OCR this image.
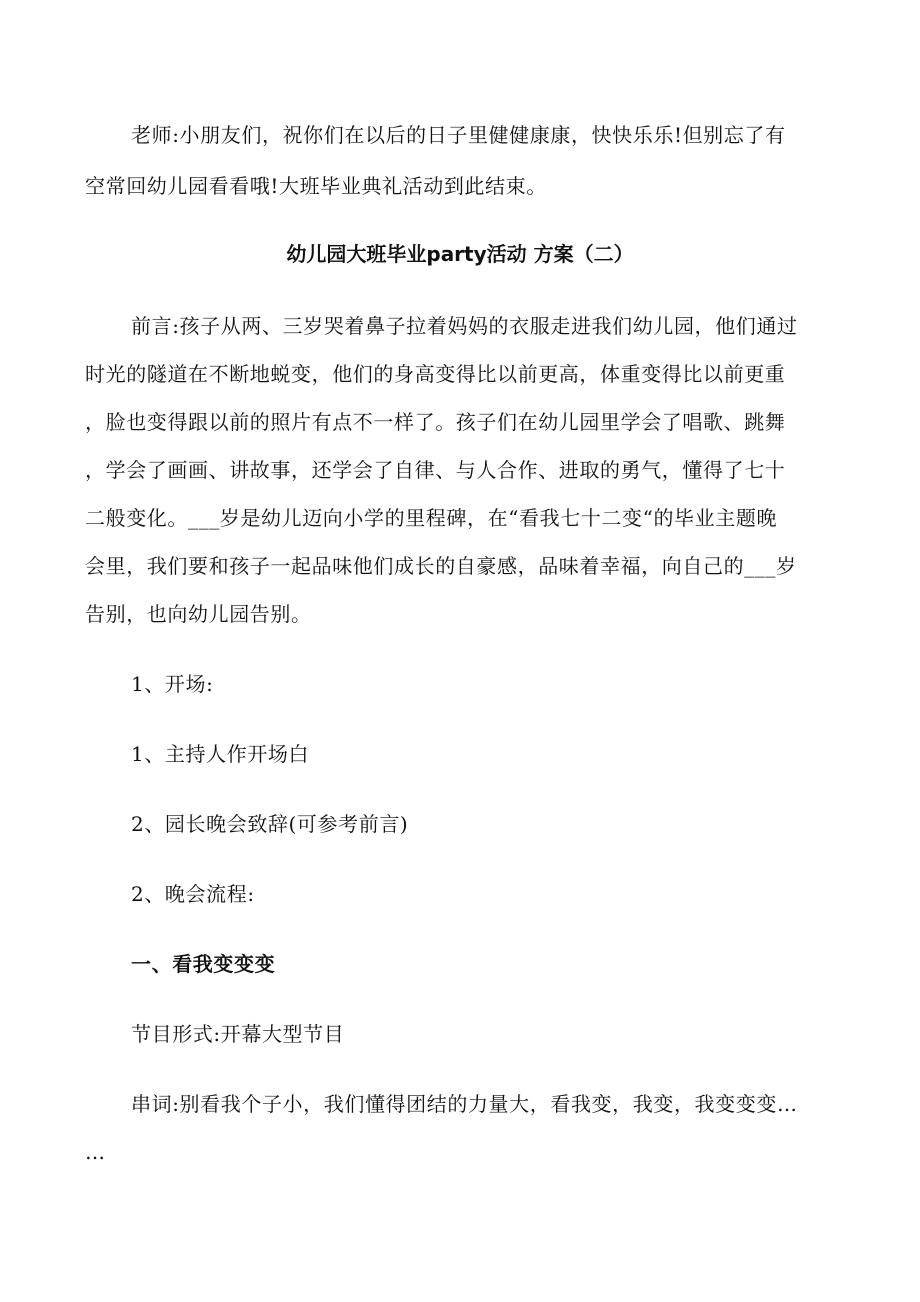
老师:小朋友们，祝你们在以后的日子里健健康康，快快乐乐!但别忘了有
空常回幼儿园看看哦!大班毕业典礼活动到此结束。
幼儿园大班毕业party活动 方案（二）
前言:孩子从两、三岁哭着鼻子拉着妈妈的衣服走进我们幼儿园，他们通过
时光的隧道在不断地蜕变，他们的身高变得比以前更高，体重变得比以前更重
，脸也变得跟以前的照片有点不一样了。孩子们在幼儿园里学会了唱歌、跳舞
，学会了画画、讲故事，还学会了自律、与人合作、进取的勇气，懂得了七十
二般变化。___岁是幼儿迈向小学的里程碑，在“看我七十二变“的毕业主题晚
会里，我们要和孩子一起品味他们成长的自豪感，品味着幸福，向自己的___岁
告别，也向幼儿园告别。
1、开场:
1、主持人作开场白
2、园长晚会致辞(可参考前言)
2、晚会流程:
一、看我变变变
节目形式:开幕大型节目
串词:别看我个子小，我们懂得团结的力量大，看我变，我变，我变变变…
…
